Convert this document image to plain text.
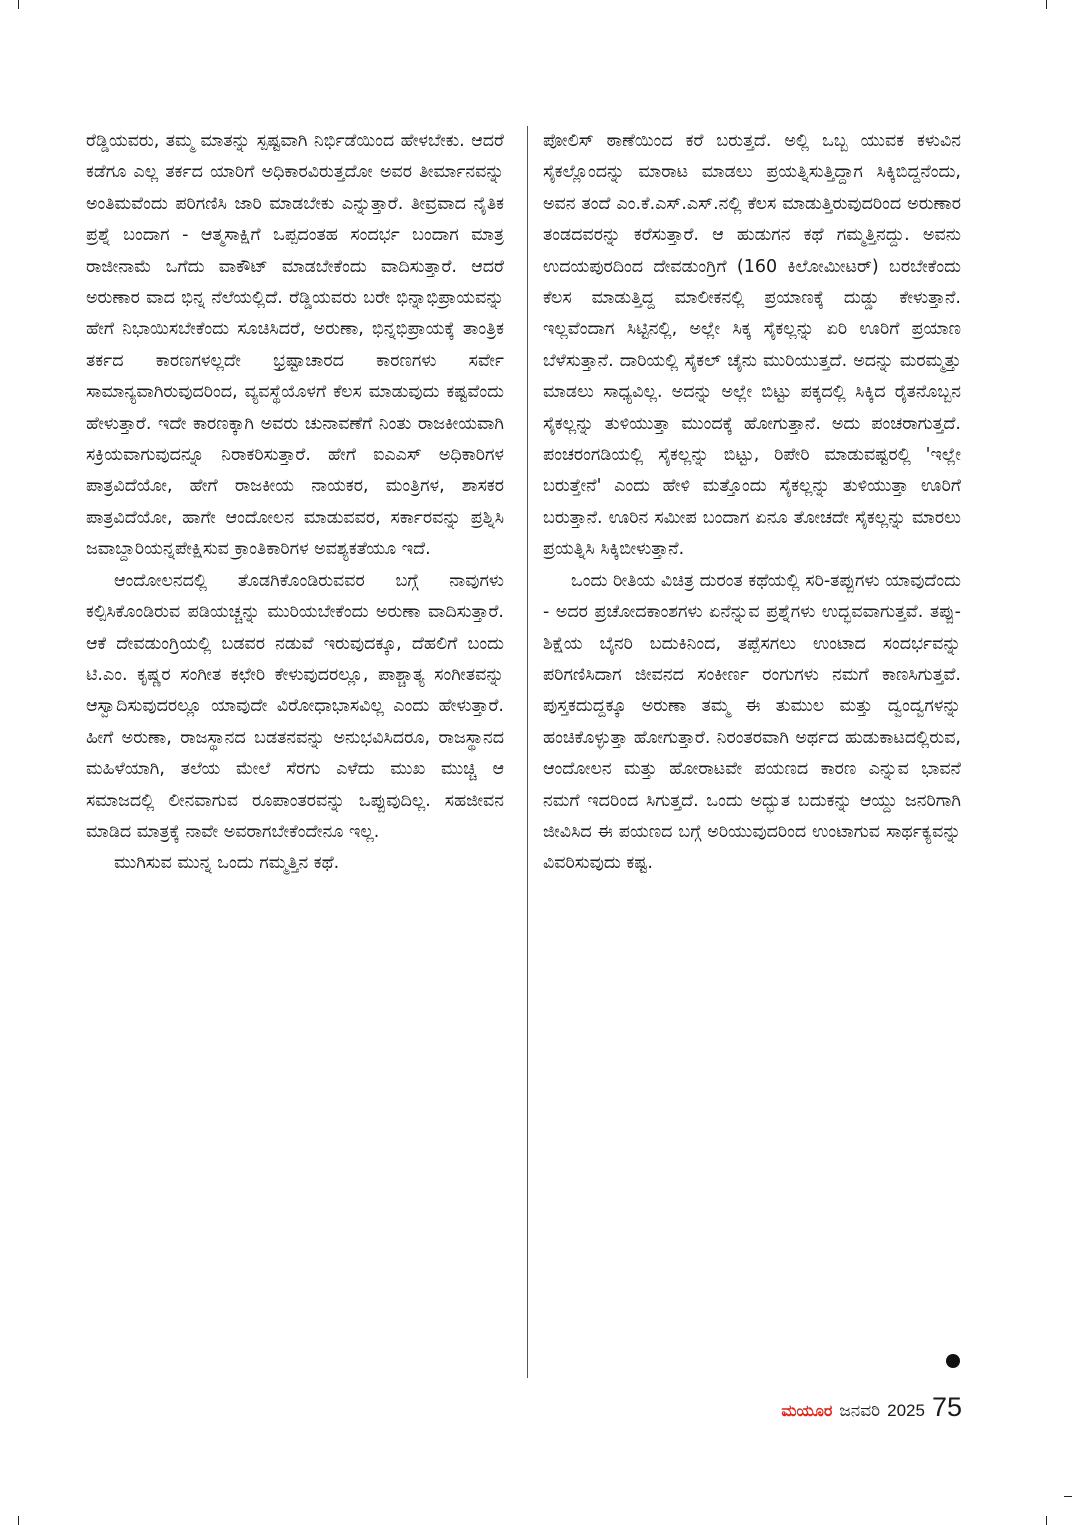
ರೆಡ್ಡಿಯವರು, ತಮ್ಮ ಮಾತನ್ನು ಸ್ಪಷ್ಟವಾಗಿ ನಿರ್ಭಿಡೆಯಿಂದ ಹೇಳಬೇಕು. ಆದರೆ ಕಡೆಗೂ ಎಲ್ಲ ತರ್ಕದ ಯಾರಿಗೆ ಅಧಿಕಾರವಿರುತ್ತದೋ ಅವರ ತೀರ್ಮಾನವನ್ನು ಅಂತಿಮವೆಂದು ಪರಿಗಣಿಸಿ ಜಾರಿ ಮಾಡಬೇಕು ಎನ್ನುತ್ತಾರೆ. ತೀವ್ರವಾದ ನೈತಿಕ ಪ್ರಶ್ನೆ ಬಂದಾಗ - ಆತ್ಮಸಾಕ್ಷಿಗೆ ಒಪ್ಪದಂತಹ ಸಂದರ್ಭ ಬಂದಾಗ ಮಾತ್ರ ರಾಜೀನಾಮೆ ಒಗೆದು ವಾಕೌಟ್ ಮಾಡಬೇಕೆಂದು ವಾದಿಸುತ್ತಾರೆ. ಆದರೆ ಅರುಣಾರ ವಾದ ಭಿನ್ನ ನೆಲೆಯಲ್ಲಿದೆ. ರೆಡ್ಡಿಯವರು ಬರೇ ಭಿನ್ನಾಭಿಪ್ರಾಯವನ್ನು ಹೇಗೆ ನಿಭಾಯಿಸಬೇಕೆಂದು ಸೂಚಿಸಿದರೆ, ಅರುಣಾ, ಭಿನ್ನಭಿಪ್ರಾಯಕ್ಕೆ ತಾಂತ್ರಿಕ ತರ್ಕದ ಕಾರಣಗಳಲ್ಲದೇ ಭ್ರಷ್ಟಾಚಾರದ ಕಾರಣಗಳು ಸರ್ವೇ ಸಾಮಾನ್ಯವಾಗಿರುವುದರಿಂದ, ವ್ಯವಸ್ಥೆಯೊಳಗೆ ಕೆಲಸ ಮಾಡುವುದು ಕಷ್ಟವೆಂದು ಹೇಳುತ್ತಾರೆ. ಇದೇ ಕಾರಣಕ್ಕಾಗಿ ಅವರು ಚುನಾವಣೆಗೆ ನಿಂತು ರಾಜಕೀಯವಾಗಿ ಸಕ್ರಿಯವಾಗುವುದನ್ನೂ ನಿರಾಕರಿಸುತ್ತಾರೆ. ಹೇಗೆ ಐಎಎಸ್ ಅಧಿಕಾರಿಗಳ ಪಾತ್ರವಿದೆಯೋ, ಹೇಗೆ ರಾಜಕೀಯ ನಾಯಕರ, ಮಂತ್ರಿಗಳ, ಶಾಸಕರ ಪಾತ್ರವಿದೆಯೋ, ಹಾಗೇ ಆಂದೋಲನ ಮಾಡುವವರ, ಸರ್ಕಾರವನ್ನು ಪ್ರಶ್ನಿಸಿ ಜವಾಬ್ದಾರಿಯನ್ನಪೇಕ್ಷಿಸುವ ಕ್ರಾಂತಿಕಾರಿಗಳ ಅವಶ್ಯಕತೆಯೂ ಇದೆ.

ಆಂದೋಲನದಲ್ಲಿ ತೊಡಗಿಕೊಂಡಿರುವವರ ಬಗ್ಗೆ ನಾವುಗಳು ಕಲ್ಪಿಸಿಕೊಂಡಿರುವ ಪಡಿಯಚ್ಚನ್ನು ಮುರಿಯಬೇಕೆಂದು ಅರುಣಾ ವಾದಿಸುತ್ತಾರೆ. ಆಕೆ ದೇವಡುಂಗ್ರಿಯಲ್ಲಿ ಬಡವರ ನಡುವೆ ಇರುವುದಕ್ಕೂ, ದೆಹಲಿಗೆ ಬಂದು ಟಿ.ಎಂ. ಕೃಷ್ಣರ ಸಂಗೀತ ಕಛೇರಿ ಕೇಳುವುದರಲ್ಲೂ, ಪಾಶ್ಚಾತ್ಯ ಸಂಗೀತವನ್ನು ಆಸ್ವಾದಿಸುವುದರಲ್ಲೂ ಯಾವುದೇ ವಿರೋಧಾಭಾಸವಿಲ್ಲ ಎಂದು ಹೇಳುತ್ತಾರೆ. ಹೀಗೆ ಅರುಣಾ, ರಾಜಸ್ಥಾನದ ಬಡತನವನ್ನು ಅನುಭವಿಸಿದರೂ, ರಾಜಸ್ಥಾನದ ಮಹಿಳೆಯಾಗಿ, ತಲೆಯ ಮೇಲೆ ಸೆರಗು ಎಳೆದು ಮುಖ ಮುಚ್ಚಿ ಆ ಸಮಾಜದಲ್ಲಿ ಲೀನವಾಗುವ ರೂಪಾಂತರವನ್ನು ಒಪ್ಪುವುದಿಲ್ಲ. ಸಹಜೀವನ ಮಾಡಿದ ಮಾತ್ರಕ್ಕೆ ನಾವೇ ಅವರಾಗಬೇಕೆಂದೇನೂ ಇಲ್ಲ.

ಮುಗಿಸುವ ಮುನ್ನ ಒಂದು ಗಮ್ಮತ್ತಿನ ಕಥೆ.

ಪೋಲಿಸ್ ಠಾಣೆಯಿಂದ ಕರೆ ಬರುತ್ತದೆ. ಅಲ್ಲಿ ಒಬ್ಬ ಯುವಕ ಕಳುವಿನ ಸೈಕಲ್ಲೊಂದನ್ನು ಮಾರಾಟ ಮಾಡಲು ಪ್ರಯತ್ನಿಸುತ್ತಿದ್ದಾಗ ಸಿಕ್ಕಿಬಿದ್ದನೆಂದು, ಅವನ ತಂದೆ ಎಂ.ಕೆ.ಎಸ್.ಎಸ್.ನಲ್ಲಿ ಕೆಲಸ ಮಾಡುತ್ತಿರುವುದರಿಂದ ಅರುಣಾರ ತಂಡದವರನ್ನು ಕರೆಸುತ್ತಾರೆ. ಆ ಹುಡುಗನ ಕಥೆ ಗಮ್ಮತ್ತಿನದ್ದು. ಅವನು ಉದಯಪುರದಿಂದ ದೇವಡುಂಗ್ರಿಗೆ (160 ಕಿಲೋಮೀಟರ್) ಬರಬೇಕೆಂದು ಕೆಲಸ ಮಾಡುತ್ತಿದ್ದ ಮಾಲೀಕನಲ್ಲಿ ಪ್ರಯಾಣಕ್ಕೆ ದುಡ್ಡು ಕೇಳುತ್ತಾನೆ. ಇಲ್ಲವೆಂದಾಗ ಸಿಟ್ಟಿನಲ್ಲಿ, ಅಲ್ಲೇ ಸಿಕ್ಕ ಸೈಕಲ್ಲನ್ನು ಏರಿ ಊರಿಗೆ ಪ್ರಯಾಣ ಬೆಳೆಸುತ್ತಾನೆ. ದಾರಿಯಲ್ಲಿ ಸೈಕಲ್ ಚೈನು ಮುರಿಯುತ್ತದೆ. ಅದನ್ನು ಮರಮ್ಮತ್ತು ಮಾಡಲು ಸಾಧ್ಯವಿಲ್ಲ. ಅದನ್ನು ಅಲ್ಲೇ ಬಿಟ್ಟು ಪಕ್ಕದಲ್ಲಿ ಸಿಕ್ಕಿದ ರೈತನೊಬ್ಬನ ಸೈಕಲ್ಲನ್ನು ತುಳಿಯುತ್ತಾ ಮುಂದಕ್ಕೆ ಹೋಗುತ್ತಾನೆ. ಅದು ಪಂಚರಾಗುತ್ತದೆ. ಪಂಚರಂಗಡಿಯಲ್ಲಿ ಸೈಕಲ್ಲನ್ನು ಬಿಟ್ಟು, ರಿಪೇರಿ ಮಾಡುವಷ್ಟರಲ್ಲಿ 'ಇಲ್ಲೇ ಬರುತ್ತೇನೆ' ಎಂದು ಹೇಳಿ ಮತ್ತೊಂದು ಸೈಕಲ್ಲನ್ನು ತುಳಿಯುತ್ತಾ ಊರಿಗೆ ಬರುತ್ತಾನೆ. ಊರಿನ ಸಮೀಪ ಬಂದಾಗ ಏನೂ ತೋಚದೇ ಸೈಕಲ್ಲನ್ನು ಮಾರಲು ಪ್ರಯತ್ನಿಸಿ ಸಿಕ್ಕಿಬೀಳುತ್ತಾನೆ.

ಒಂದು ರೀತಿಯ ವಿಚಿತ್ರ ದುರಂತ ಕಥೆಯಲ್ಲಿ ಸರಿ-ತಪ್ಪುಗಳು ಯಾವುದೆಂದು - ಅದರ ಪ್ರಚೋದಕಾಂಶಗಳು ಏನೆನ್ನುವ ಪ್ರಶ್ನೆಗಳು ಉದ್ಭವವಾಗುತ್ತವೆ. ತಪ್ಪು-ಶಿಕ್ಷೆಯ ಬೈನರಿ ಬದುಕಿನಿಂದ, ತಪ್ಪೆಸಗಲು ಉಂಟಾದ ಸಂದರ್ಭವನ್ನು ಪರಿಗಣಿಸಿದಾಗ ಜೀವನದ ಸಂಕೀರ್ಣ ರಂಗುಗಳು ನಮಗೆ ಕಾಣಸಿಗುತ್ತವೆ. ಪುಸ್ತಕದುದ್ದಕ್ಕೂ ಅರುಣಾ ತಮ್ಮ ಈ ತುಮುಲ ಮತ್ತು ದ್ವಂದ್ವಗಳನ್ನು ಹಂಚಿಕೊಳ್ಳುತ್ತಾ ಹೋಗುತ್ತಾರೆ. ನಿರಂತರವಾಗಿ ಅರ್ಥದ ಹುಡುಕಾಟದಲ್ಲಿರುವ, ಆಂದೋಲನ ಮತ್ತು ಹೋರಾಟವೇ ಪಯಣದ ಕಾರಣ ಎನ್ನುವ ಭಾವನೆ ನಮಗೆ ಇದರಿಂದ ಸಿಗುತ್ತದೆ. ಒಂದು ಅದ್ಭುತ ಬದುಕನ್ನು ಆಯ್ದು ಜನರಿಗಾಗಿ ಜೀವಿಸಿದ ಈ ಪಯಣದ ಬಗ್ಗೆ ಅರಿಯುವುದರಿಂದ ಉಂಟಾಗುವ ಸಾರ್ಥಕ್ಯವನ್ನು ವಿವರಿಸುವುದು ಕಷ್ಟ.

ಮಯೂರ ಜನವರಿ 2025 75
